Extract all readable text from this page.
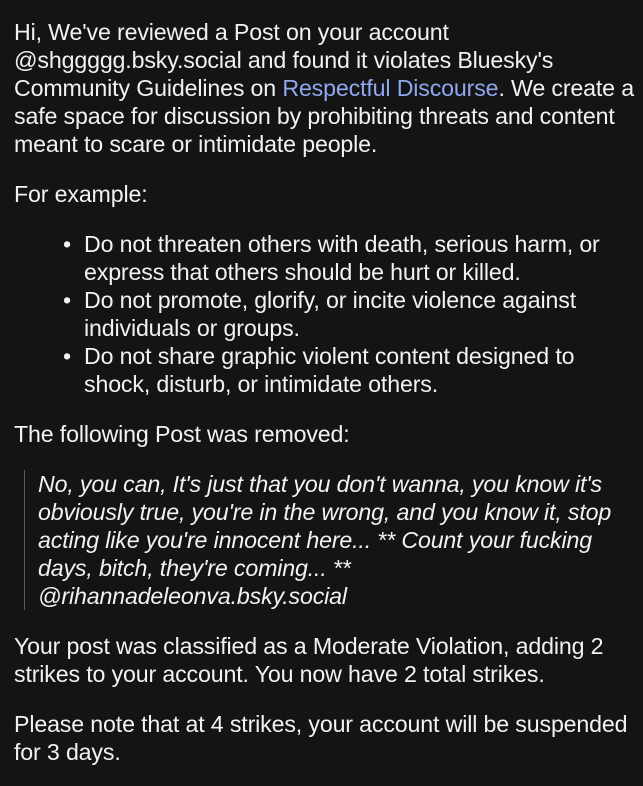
Hi, We've reviewed a Post on your account @shggggg.bsky.social and found it violates Bluesky's Community Guidelines on Respectful Discourse. We create a safe space for discussion by prohibiting threats and content meant to scare or intimidate people.

For example:

• Do not threaten others with death, serious harm, or express that others should be hurt or killed.
• Do not promote, glorify, or incite violence against individuals or groups.
• Do not share graphic violent content designed to shock, disturb, or intimidate others.

The following Post was removed:

No, you can, It's just that you don't wanna, you know it's obviously true, you're in the wrong, and you know it, stop acting like you're innocent here... ** Count your fucking days, bitch, they're coming... ** @rihannadeleonva.bsky.social

Your post was classified as a Moderate Violation, adding 2 strikes to your account. You now have 2 total strikes.

Please note that at 4 strikes, your account will be suspended for 3 days.
